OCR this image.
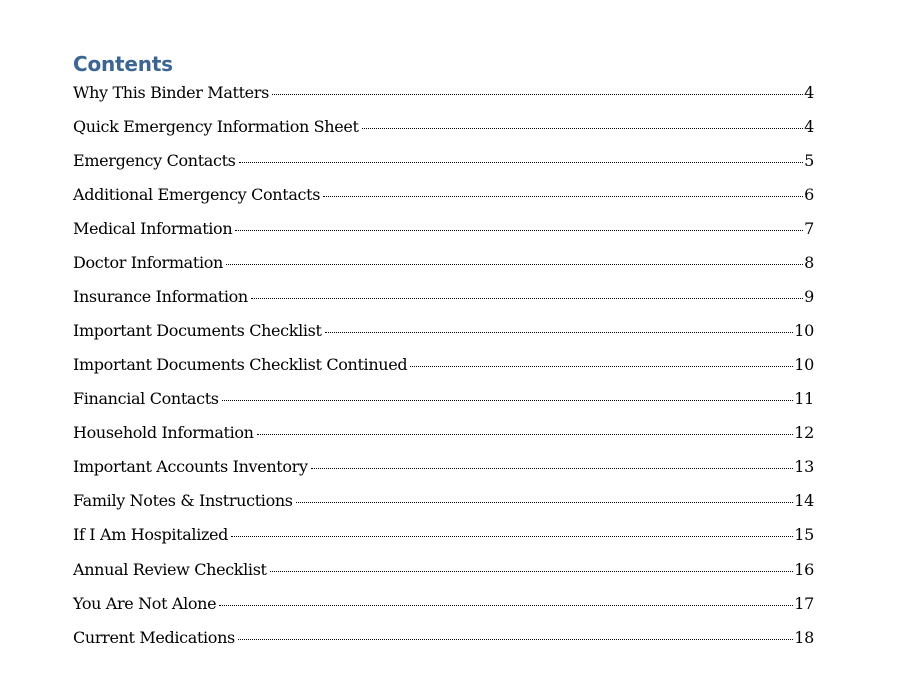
Contents
Why This Binder Matters	4
Quick Emergency Information Sheet	4
Emergency Contacts	5
Additional Emergency Contacts	6
Medical Information	7
Doctor Information	8
Insurance Information	9
Important Documents Checklist	10
Important Documents Checklist Continued	10
Financial Contacts	11
Household Information	12
Important Accounts Inventory	13
Family Notes & Instructions	14
If I Am Hospitalized	15
Annual Review Checklist	16
You Are Not Alone	17
Current Medications	18
